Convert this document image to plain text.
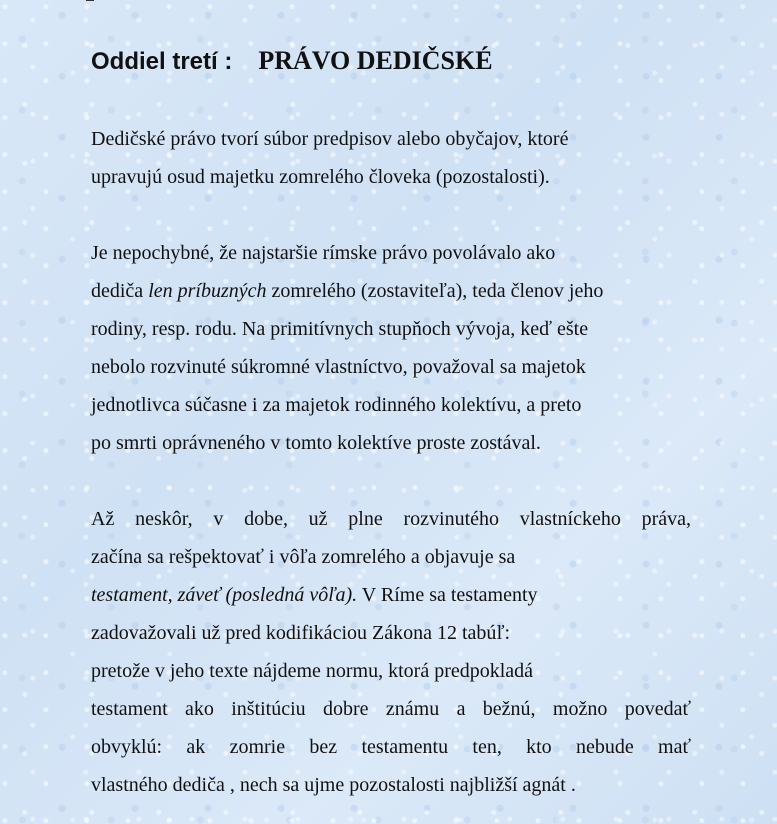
Oddiel tretí : PRÁVO DEDIČSKÉ

Dedičské právo tvorí súbor predpisov alebo obyčajov, ktoré
upravujú osud majetku zomrelého človeka (pozostalosti).

Je nepochybné, že najstaršie rímske právo povolávalo ako
dediča len príbuzných zomrelého (zostaviteľa), teda členov jeho
rodiny, resp. rodu. Na primitívnych stupňoch vývoja, keď ešte
nebolo rozvinuté súkromné vlastníctvo, považoval sa majetok
jednotlivca súčasne i za majetok rodinného kolektívu, a preto
po smrti oprávneného v tomto kolektíve proste zostával.

Až neskôr, v dobe, už plne rozvinutého vlastníckeho práva,
začína sa rešpektovať i vôľa zomrelého a objavuje sa
testament, záveť (posledná vôľa). V Ríme sa testamenty
zadovažovali už pred kodifikáciou Zákona 12 tabúľ:
pretože v jeho texte nájdeme normu, ktorá predpokladá
testament ako inštitúciu dobre známu a bežnú, možno povedať
obvyklú: ak zomrie bez testamentu ten, kto nebude mať
vlastného dediča , nech sa ujme pozostalosti najbližší agnát .
